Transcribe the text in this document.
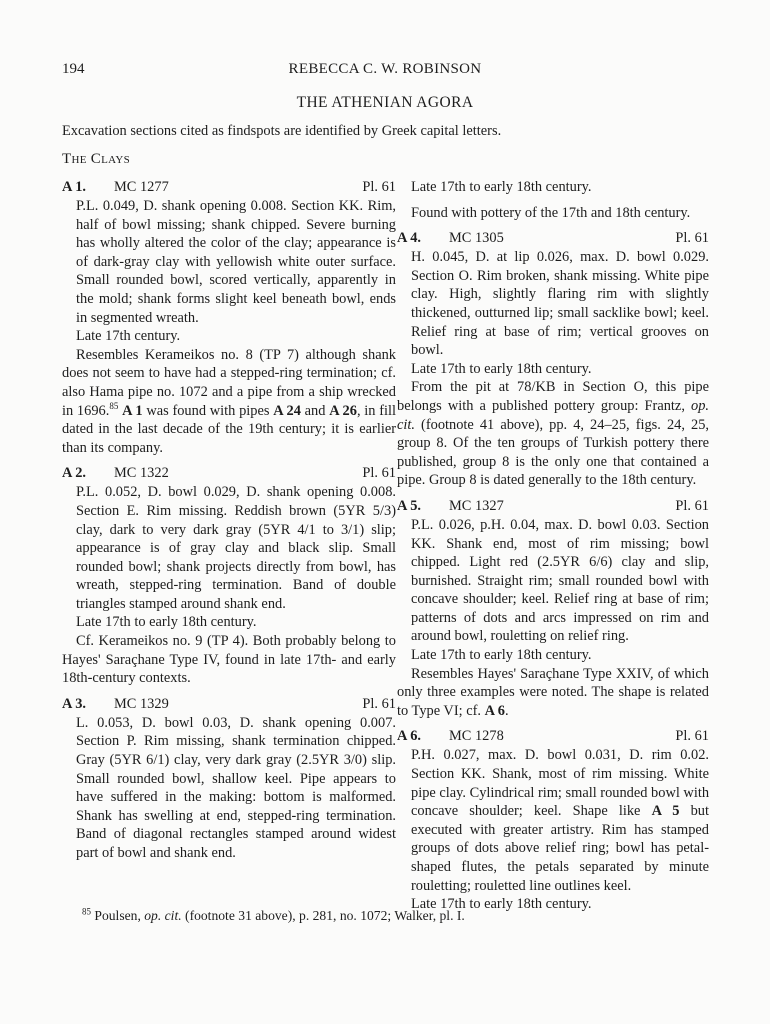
194	REBECCA C. W. ROBINSON
THE ATHENIAN AGORA
Excavation sections cited as findspots are identified by Greek capital letters.
The Clays
A 1. MC 1277	Pl. 61
P.L. 0.049, D. shank opening 0.008. Section KK. Rim, half of bowl missing; shank chipped. Severe burning has wholly altered the color of the clay; appearance is of dark-gray clay with yellowish white outer surface. Small rounded bowl, scored vertically, apparently in the mold; shank forms slight keel beneath bowl, ends in segmented wreath.
Late 17th century.
Resembles Kerameikos no. 8 (TP 7) although shank does not seem to have had a stepped-ring termination; cf. also Hama pipe no. 1072 and a pipe from a ship wrecked in 1696.85 A 1 was found with pipes A 24 and A 26, in fill dated in the last decade of the 19th century; it is earlier than its company.
A 2. MC 1322	Pl. 61
P.L. 0.052, D. bowl 0.029, D. shank opening 0.008. Section E. Rim missing. Reddish brown (5YR 5/3) clay, dark to very dark gray (5YR 4/1 to 3/1) slip; appearance is of gray clay and black slip. Small rounded bowl; shank projects directly from bowl, has wreath, stepped-ring termination. Band of double triangles stamped around shank end.
Late 17th to early 18th century.
Cf. Kerameikos no. 9 (TP 4). Both probably belong to Hayes' Saraçhane Type IV, found in late 17th- and early 18th-century contexts.
A 3. MC 1329	Pl. 61
L. 0.053, D. bowl 0.03, D. shank opening 0.007. Section P. Rim missing, shank termination chipped. Gray (5YR 6/1) clay, very dark gray (2.5YR 3/0) slip. Small rounded bowl, shallow keel. Pipe appears to have suffered in the making: bottom is malformed. Shank has swelling at end, stepped-ring termination. Band of diagonal rectangles stamped around widest part of bowl and shank end.
Late 17th to early 18th century.
Found with pottery of the 17th and 18th century.
A 4. MC 1305	Pl. 61
H. 0.045, D. at lip 0.026, max. D. bowl 0.029. Section O. Rim broken, shank missing. White pipe clay. High, slightly flaring rim with slightly thickened, outturned lip; small sacklike bowl; keel. Relief ring at base of rim; vertical grooves on bowl.
Late 17th to early 18th century.
From the pit at 78/KB in Section O, this pipe belongs with a published pottery group: Frantz, op. cit. (footnote 41 above), pp. 4, 24–25, figs. 24, 25, group 8. Of the ten groups of Turkish pottery there published, group 8 is the only one that contained a pipe. Group 8 is dated generally to the 18th century.
A 5. MC 1327	Pl. 61
P.L. 0.026, p.H. 0.04, max. D. bowl 0.03. Section KK. Shank end, most of rim missing; bowl chipped. Light red (2.5YR 6/6) clay and slip, burnished. Straight rim; small rounded bowl with concave shoulder; keel. Relief ring at base of rim; patterns of dots and arcs impressed on rim and around bowl, rouletting on relief ring.
Late 17th to early 18th century.
Resembles Hayes' Saraçhane Type XXIV, of which only three examples were noted. The shape is related to Type VI; cf. A 6.
A 6. MC 1278	Pl. 61
P.H. 0.027, max. D. bowl 0.031, D. rim 0.02. Section KK. Shank, most of rim missing. White pipe clay. Cylindrical rim; small rounded bowl with concave shoulder; keel. Shape like A 5 but executed with greater artistry. Rim has stamped groups of dots above relief ring; bowl has petal-shaped flutes, the petals separated by minute rouletting; rouletted line outlines keel.
Late 17th to early 18th century.
$^{85}$ Poulsen, op. cit. (footnote 31 above), p. 281, no. 1072; Walker, pl. I.
